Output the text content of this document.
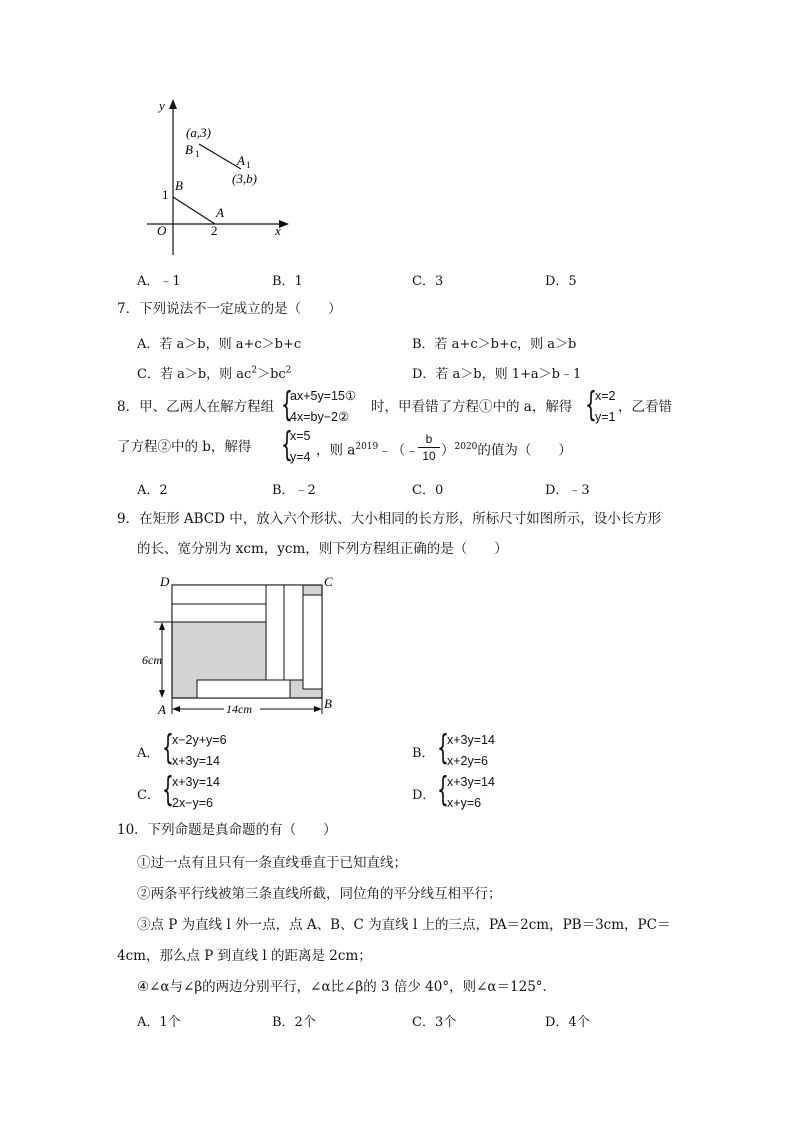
y
x
O
(a,3)
B 1	A 1
(3,b)
B
1
A
2
A．﹣1	B．1	C．3	D．5
7．下列说法不一定成立的是（　　）
A．若 a＞b，则 a+c＞b+c	B．若 a+c＞b+c，则 a＞b
C．若 a＞b，则 $ac^2>bc^2$	D．若 a＞b，则 1+a＞b﹣1
8．甲、乙两人在解方程组 {
ax+5y=15①
4x=by−2②
时，甲看错了方程①中的 a，解得 {
x=2
y=1
，乙看错
了方程②中的 b，解得 {
x=5
y=4 ，则 $a^{2019}﹣(﹣$
b
10 ）$^{2020}$的值为（　　）
A．2	B．﹣2	C．0	D．﹣3
9．在矩形 ABCD 中，放入六个形状、大小相同的长方形，所标尺寸如图所示，设小长方形
的长、宽分别为 xcm，ycm，则下列方程组正确的是（　　）
D	C
A	B
6cm
14cm
A． {
x−2y+y=6
x+3y=14	B． {
x+3y=14
x+2y=6
C． {
x+3y=14
2x−y=6	D． {
x+3y=14
x+y=6
10．下列命题是真命题的有（　　）
①过一点有且只有一条直线垂直于已知直线；
②两条平行线被第三条直线所截，同位角的平分线互相平行；
③点 P 为直线 l 外一点，点 A、B、C 为直线 l 上的三点，PA＝2cm，PB＝3cm，PC＝
4cm，那么点 P 到直线 l 的距离是 2cm；
④∠α与∠β的两边分别平行，∠α比∠β的 3 倍少 40°，则∠α＝125°．
A．1个	B．2个	C．3个	D．4个
